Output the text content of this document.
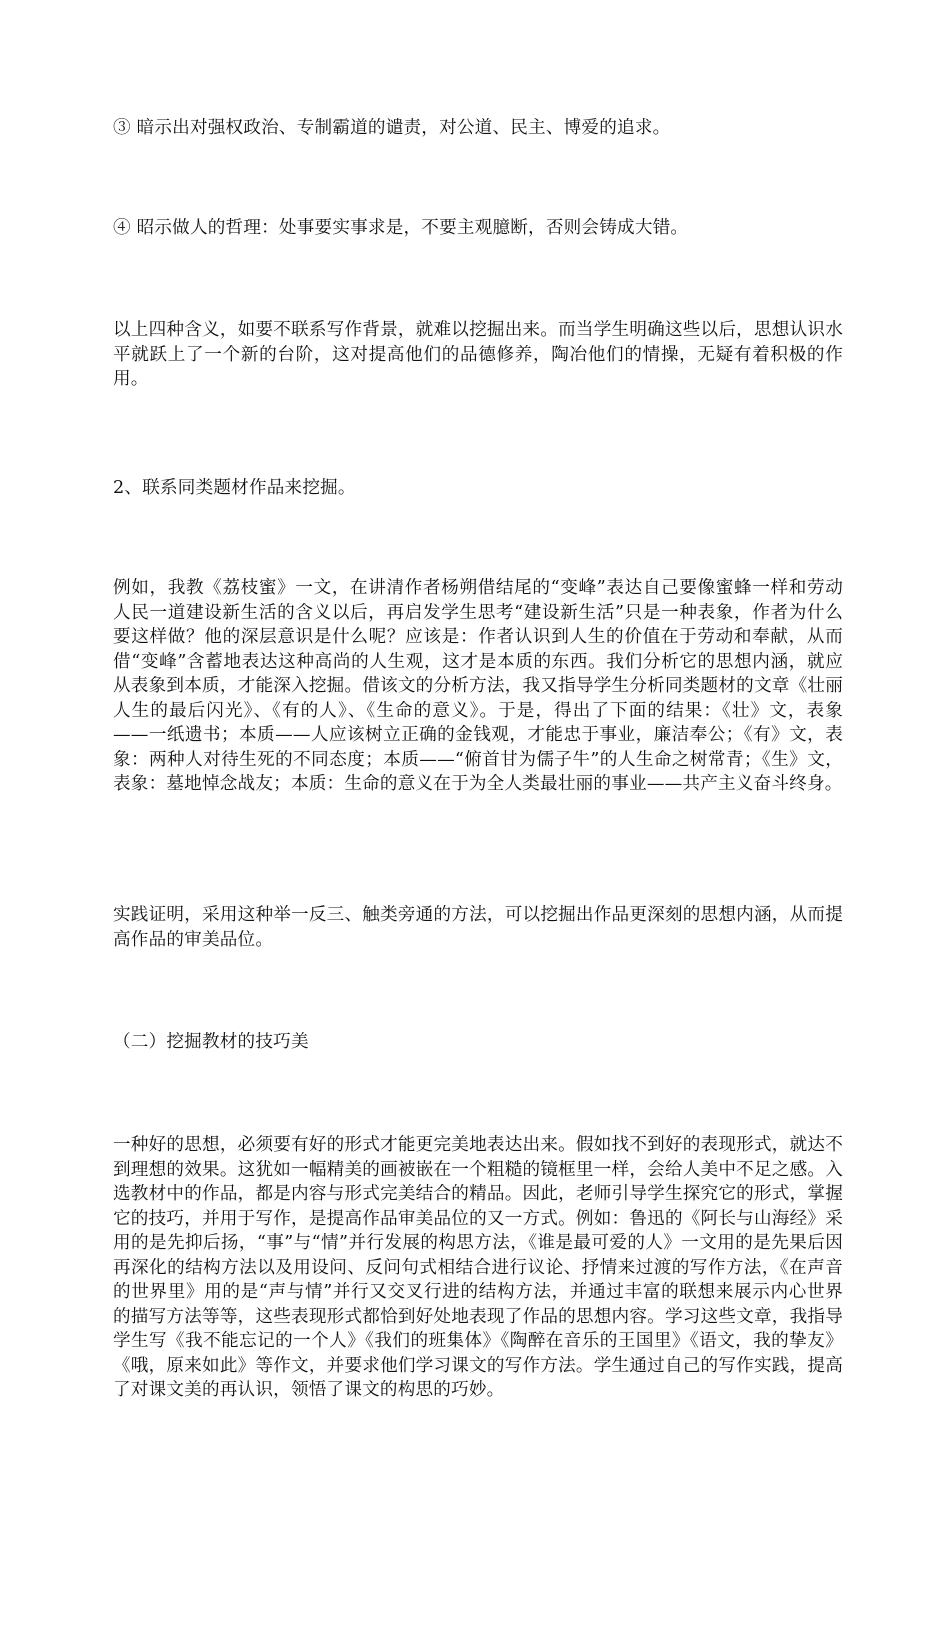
③ 暗示出对强权政治、专制霸道的谴责，对公道、民主、博爱的追求。

④ 昭示做人的哲理：处事要实事求是，不要主观臆断，否则会铸成大错。

以上四种含义，如要不联系写作背景，就难以挖掘出来。而当学生明确这些以后，思想认识水平就跃上了一个新的台阶，这对提高他们的品德修养，陶冶他们的情操，无疑有着积极的作用。

2、联系同类题材作品来挖掘。

例如，我教《荔枝蜜》一文，在讲清作者杨朔借结尾的“变峰”表达自己要像蜜蜂一样和劳动人民一道建设新生活的含义以后，再启发学生思考“建设新生活”只是一种表象，作者为什么要这样做？他的深层意识是什么呢？应该是：作者认识到人生的价值在于劳动和奉献，从而借“变峰”含蓄地表达这种高尚的人生观，这才是本质的东西。我们分析它的思想内涵，就应从表象到本质，才能深入挖掘。借该文的分析方法，我又指导学生分析同类题材的文章《壮丽人生的最后闪光》、《有的人》、《生命的意义》。于是，得出了下面的结果：《壮》文，表象——一纸遗书；本质——人应该树立正确的金钱观，才能忠于事业，廉洁奉公；《有》文，表象：两种人对待生死的不同态度；本质——“俯首甘为儒子牛”的人生命之树常青；《生》文，表象：墓地悼念战友；本质：生命的意义在于为全人类最壮丽的事业——共产主义奋斗终身。

实践证明，采用这种举一反三、触类旁通的方法，可以挖掘出作品更深刻的思想内涵，从而提高作品的审美品位。

（二）挖掘教材的技巧美

一种好的思想，必须要有好的形式才能更完美地表达出来。假如找不到好的表现形式，就达不到理想的效果。这犹如一幅精美的画被嵌在一个粗糙的镜框里一样，会给人美中不足之感。入选教材中的作品，都是内容与形式完美结合的精品。因此，老师引导学生探究它的形式，掌握它的技巧，并用于写作，是提高作品审美品位的又一方式。例如：鲁迅的《阿长与山海经》采用的是先抑后扬，“事”与“情”并行发展的构思方法，《谁是最可爱的人》一文用的是先果后因再深化的结构方法以及用设问、反问句式相结合进行议论、抒情来过渡的写作方法，《在声音的世界里》用的是“声与情”并行又交叉行进的结构方法，并通过丰富的联想来展示内心世界的描写方法等等，这些表现形式都恰到好处地表现了作品的思想内容。学习这些文章，我指导学生写《我不能忘记的一个人》《我们的班集体》《陶醉在音乐的王国里》《语文，我的挚友》《哦，原来如此》等作文，并要求他们学习课文的写作方法。学生通过自己的写作实践，提高了对课文美的再认识，领悟了课文的构思的巧妙。
